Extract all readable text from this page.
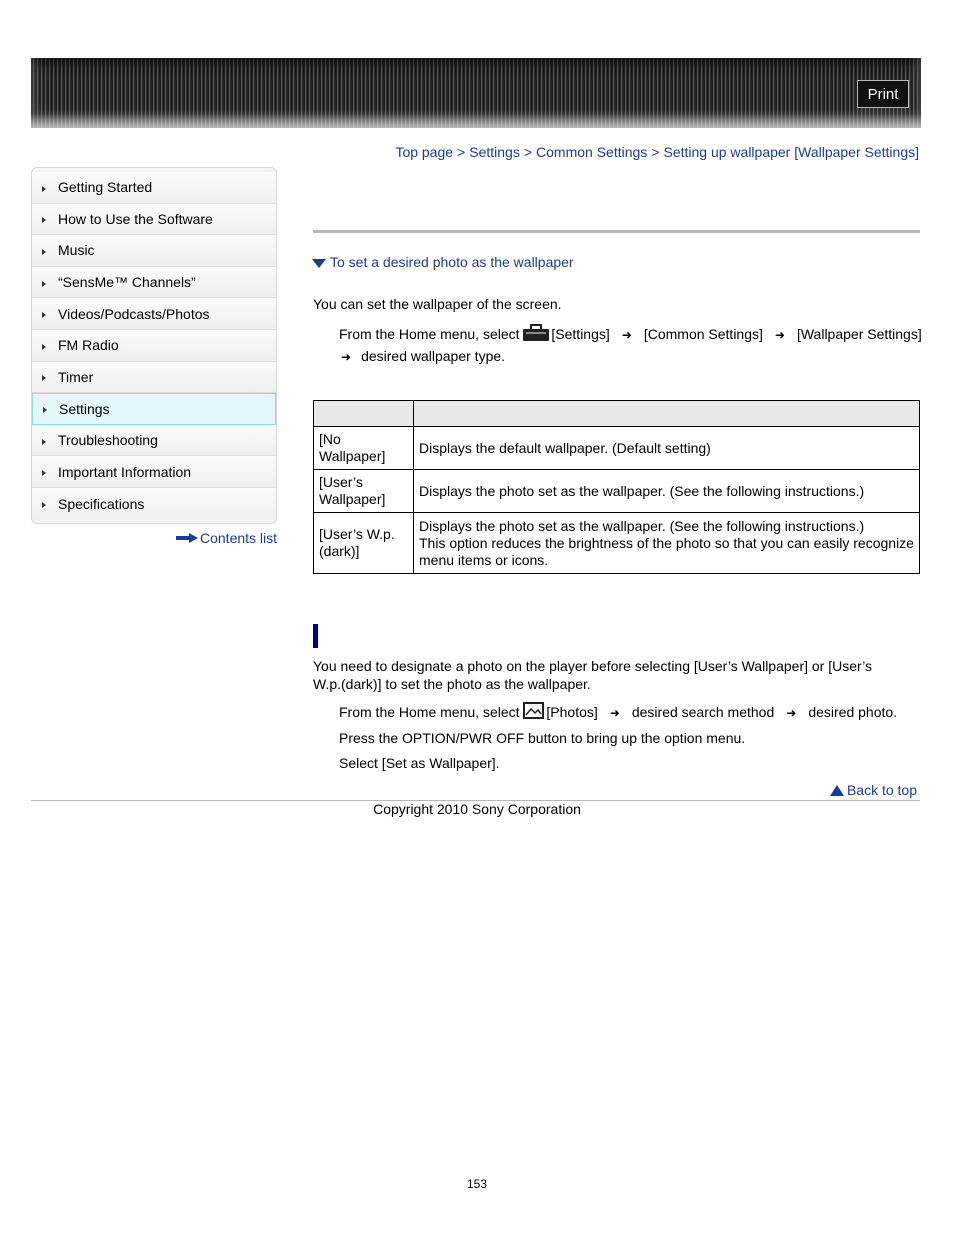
Print
Top page > Settings > Common Settings > Setting up wallpaper [Wallpaper Settings]
Getting Started
How to Use the Software
Music
“SensMe™ Channels”
Videos/Podcasts/Photos
FM Radio
Timer
Settings
Troubleshooting
Important Information
Specifications
Contents list
To set a desired photo as the wallpaper
You can set the wallpaper of the screen.
From the Home menu, select [Settings] ➜ [Common Settings] ➜ [Wallpaper Settings]
➜ desired wallpaper type.

[No Wallpaper]	Displays the default wallpaper. (Default setting)
[User’s Wallpaper]	Displays the photo set as the wallpaper. (See the following instructions.)
[User’s W.p.(dark)]	Displays the photo set as the wallpaper. (See the following instructions.)
This option reduces the brightness of the photo so that you can easily recognize menu items or icons.
You need to designate a photo on the player before selecting [User’s Wallpaper] or [User’s
W.p.(dark)] to set the photo as the wallpaper.
From the Home menu, select [Photos] ➜ desired search method ➜ desired photo.
Press the OPTION/PWR OFF button to bring up the option menu.
Select [Set as Wallpaper].
Back to top
Copyright 2010 Sony Corporation
153
